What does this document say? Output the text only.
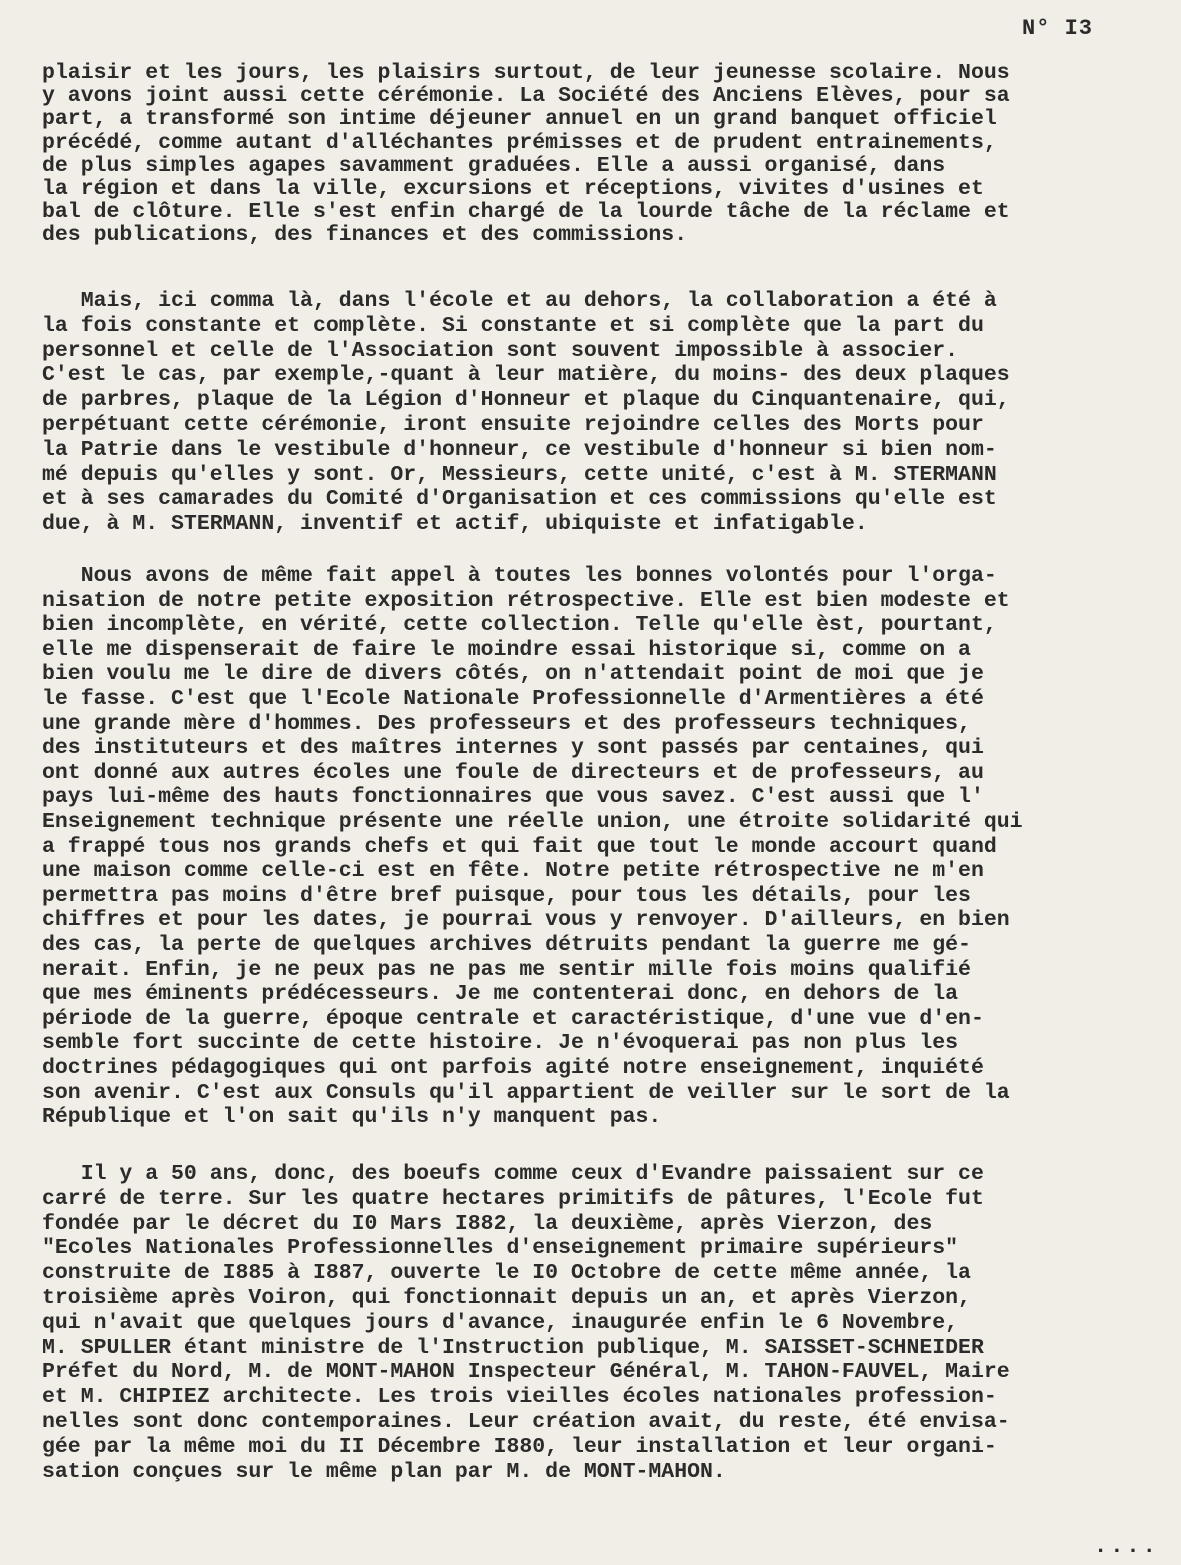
N° I3
plaisir et les jours, les plaisirs surtout, de leur jeunesse scolaire. Nous
y avons joint aussi cette cérémonie. La Société des Anciens Elèves, pour sa
part, a transformé son intime déjeuner annuel en un grand banquet officiel
précédé, comme autant d'alléchantes prémisses et de prudent entrainements,
de plus simples agapes savamment graduées. Elle a aussi organisé, dans
la région et dans la ville, excursions et réceptions, vivites d'usines et
bal de clôture. Elle s'est enfin chargé de la lourde tâche de la réclame et
des publications, des finances et des commissions.
Mais, ici comma là, dans l'école et au dehors, la collaboration a été à
la fois constante et complète. Si constante et si complète que la part du
personnel et celle de l'Association sont souvent impossible à associer.
C'est le cas, par exemple,-quant à leur matière, du moins- des deux plaques
de parbres, plaque de la Légion d'Honneur et plaque du Cinquantenaire, qui,
perpétuant cette cérémonie, iront ensuite rejoindre celles des Morts pour
la Patrie dans le vestibule d'honneur, ce vestibule d'honneur si bien nom-
mé depuis qu'elles y sont. Or, Messieurs, cette unité, c'est à M. STERMANN
et à ses camarades du Comité d'Organisation et ces commissions qu'elle est
due, à M. STERMANN, inventif et actif, ubiquiste et infatigable.
Nous avons de même fait appel à toutes les bonnes volontés pour l'orga-
nisation de notre petite exposition rétrospective. Elle est bien modeste et
bien incomplète, en vérité, cette collection. Telle qu'elle èst, pourtant,
elle me dispenserait de faire le moindre essai historique si, comme on a
bien voulu me le dire de divers côtés, on n'attendait point de moi que je
le fasse. C'est que l'Ecole Nationale Professionnelle d'Armentières a été
une grande mère d'hommes. Des professeurs et des professeurs techniques,
des instituteurs et des maîtres internes y sont passés par centaines, qui
ont donné aux autres écoles une foule de directeurs et de professeurs, au
pays lui-même des hauts fonctionnaires que vous savez. C'est aussi que l'
Enseignement technique présente une réelle union, une étroite solidarité qui
a frappé tous nos grands chefs et qui fait que tout le monde accourt quand
une maison comme celle-ci est en fête. Notre petite rétrospective ne m'en
permettra pas moins d'être bref puisque, pour tous les détails, pour les
chiffres et pour les dates, je pourrai vous y renvoyer. D'ailleurs, en bien
des cas, la perte de quelques archives détruits pendant la guerre me gé-
nerait. Enfin, je ne peux pas ne pas me sentir mille fois moins qualifié
que mes éminents prédécesseurs. Je me contenterai donc, en dehors de la
période de la guerre, époque centrale et caractéristique, d'une vue d'en-
semble fort succinte de cette histoire. Je n'évoquerai pas non plus les
doctrines pédagogiques qui ont parfois agité notre enseignement, inquiété
son avenir. C'est aux Consuls qu'il appartient de veiller sur le sort de la
République et l'on sait qu'ils n'y manquent pas.
Il y a 50 ans, donc, des boeufs comme ceux d'Evandre paissaient sur ce
carré de terre. Sur les quatre hectares primitifs de pâtures, l'Ecole fut
fondée par le décret du I0 Mars I882, la deuxième, après Vierzon, des
"Ecoles Nationales Professionnelles d'enseignement primaire supérieurs"
construite de I885 à I887, ouverte le I0 Octobre de cette même année, la
troisième après Voiron, qui fonctionnait depuis un an, et après Vierzon,
qui n'avait que quelques jours d'avance, inaugurée enfin le 6 Novembre,
M. SPULLER étant ministre de l'Instruction publique, M. SAISSET-SCHNEIDER
Préfet du Nord, M. de MONT-MAHON Inspecteur Général, M. TAHON-FAUVEL, Maire
et M. CHIPIEZ architecte. Les trois vieilles écoles nationales profession-
nelles sont donc contemporaines. Leur création avait, du reste, été envisa-
gée par la même moi du II Décembre I880, leur installation et leur organi-
sation conçues sur le même plan par M. de MONT-MAHON.
....
